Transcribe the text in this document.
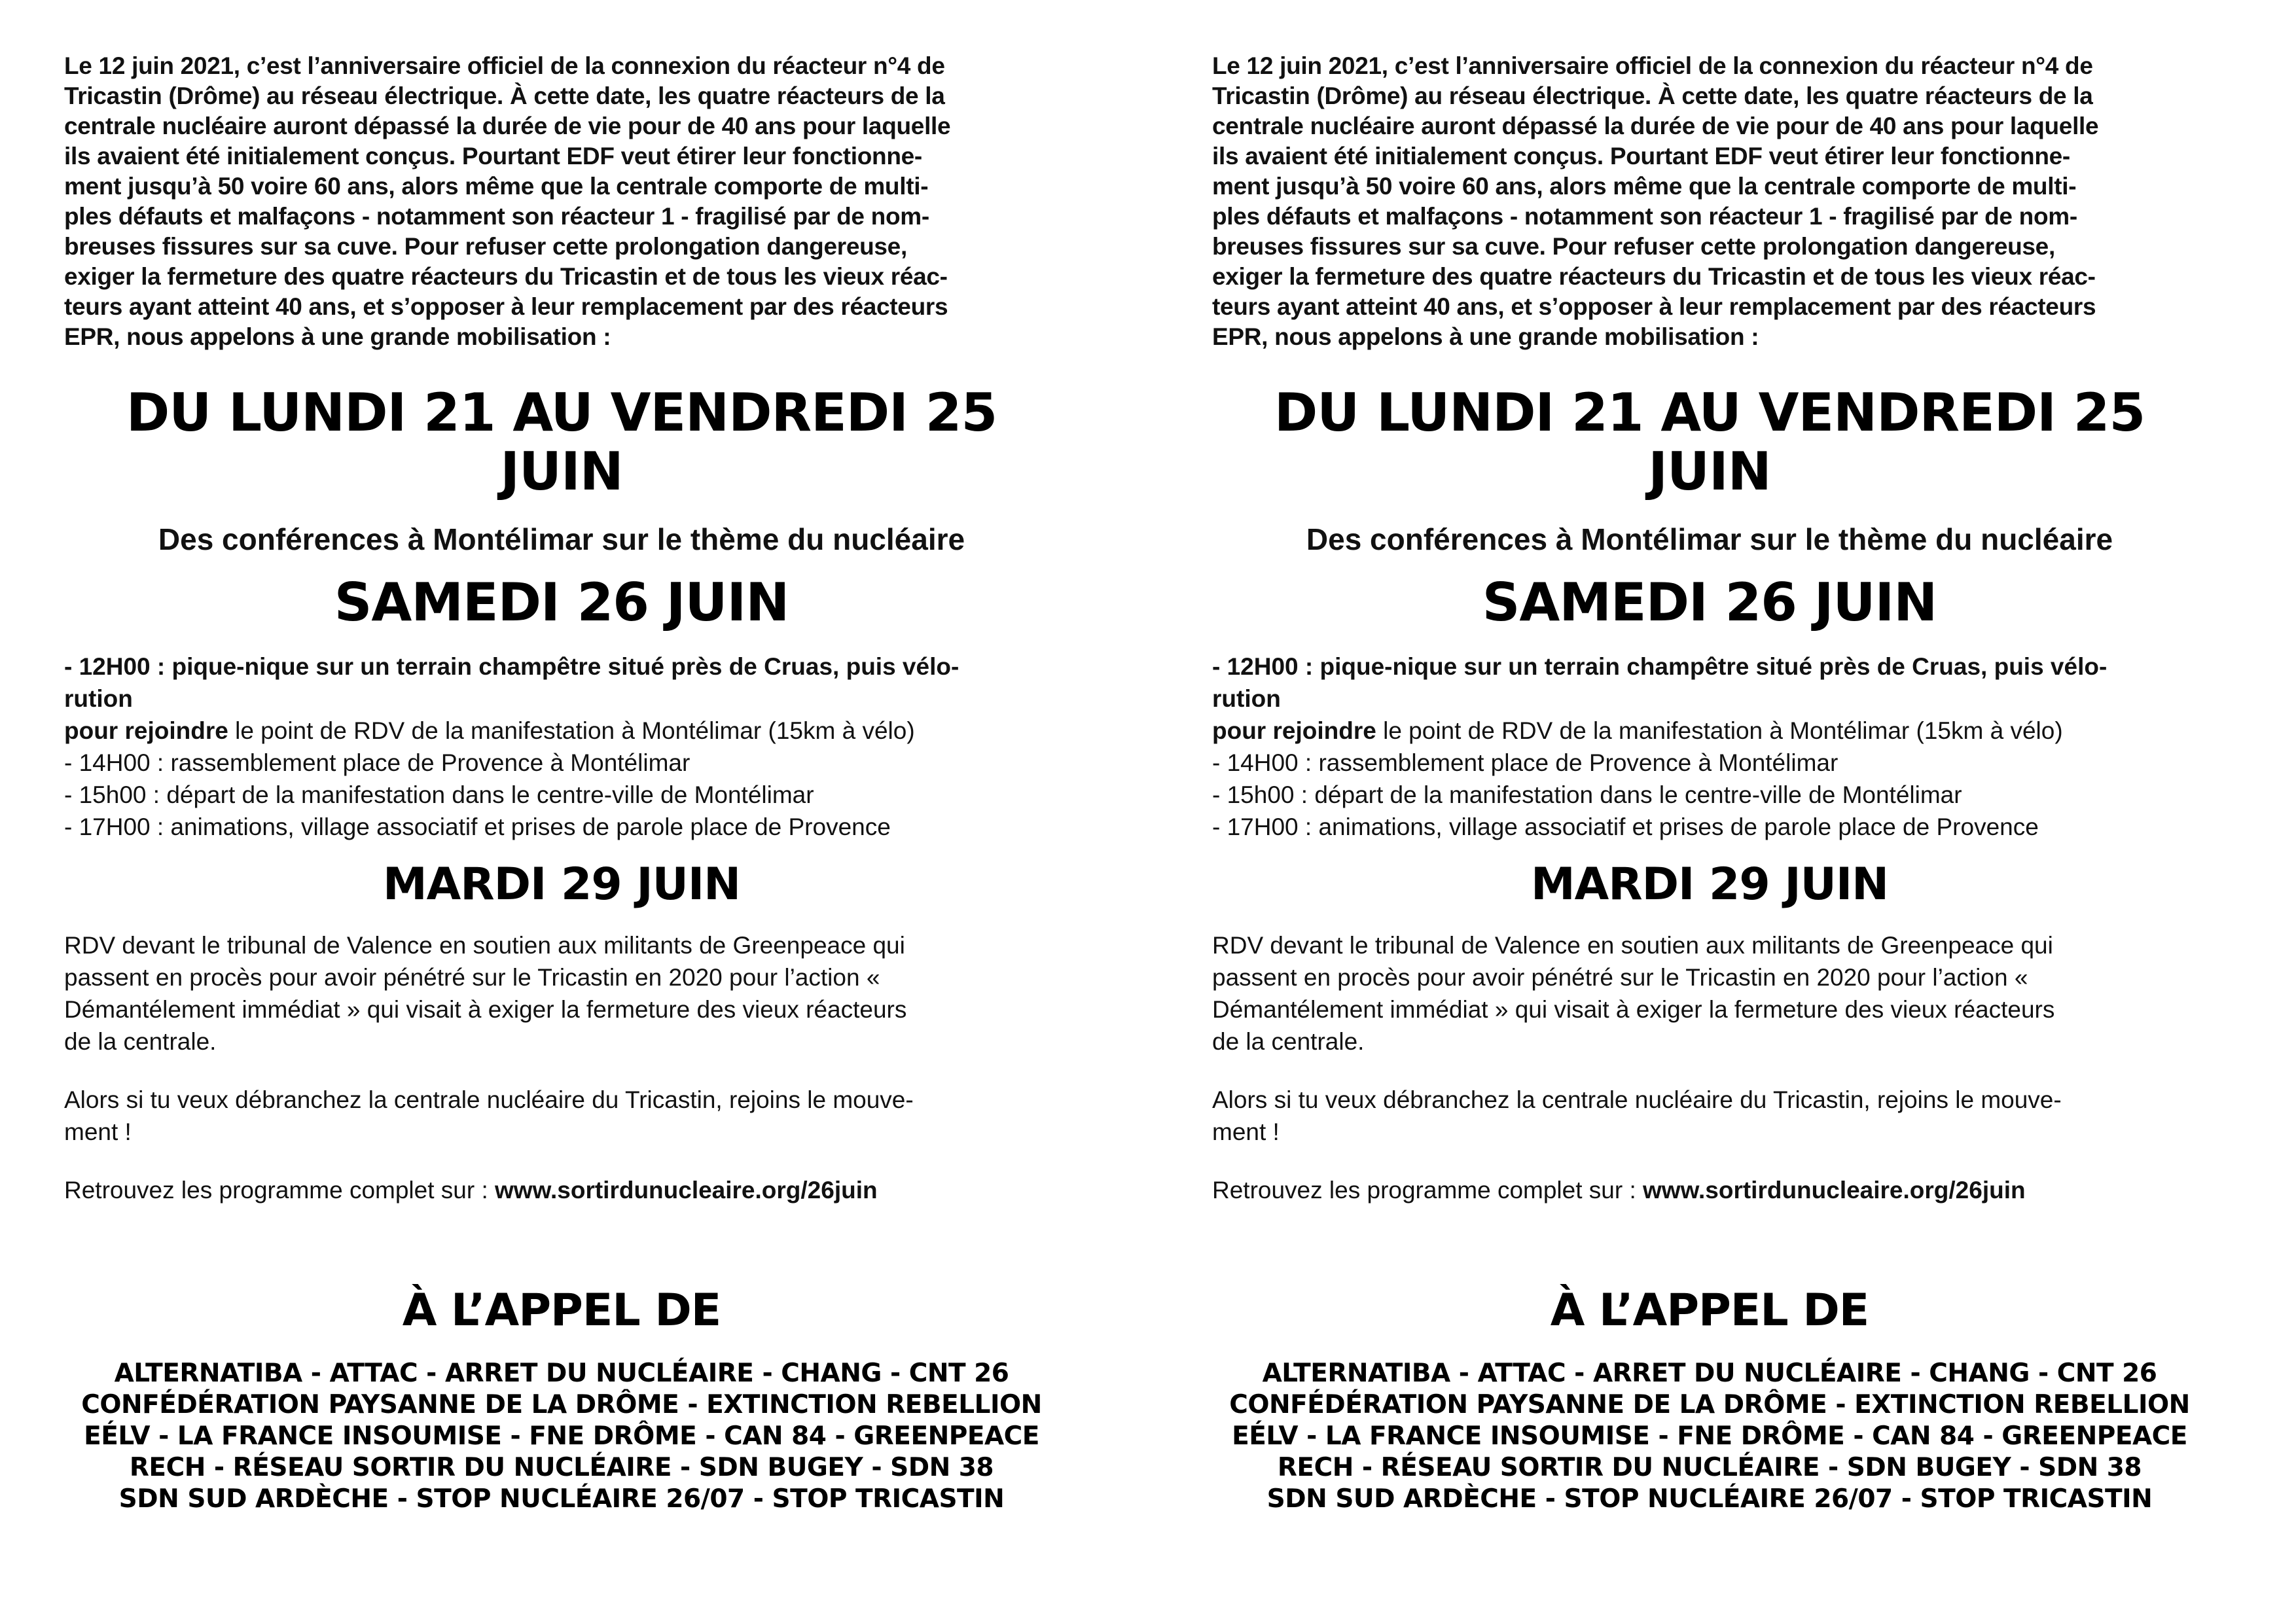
Le 12 juin 2021, c’est l’anniversaire officiel de la connexion du réacteur n°4 de
Tricastin (Drôme) au réseau électrique. À cette date, les quatre réacteurs de la
centrale nucléaire auront dépassé la durée de vie pour de 40 ans pour laquelle
ils avaient été initialement conçus. Pourtant EDF veut étirer leur fonctionne-
ment jusqu’à 50 voire 60 ans, alors même que la centrale comporte de multi-
ples défauts et malfaçons - notamment son réacteur 1 - fragilisé par de nom-
breuses fissures sur sa cuve. Pour refuser cette prolongation dangereuse,
exiger la fermeture des quatre réacteurs du Tricastin et de tous les vieux réac-
teurs ayant atteint 40 ans, et s’opposer à leur remplacement par des réacteurs
EPR, nous appelons à une grande mobilisation :

DU LUNDI 21 AU VENDREDI 25 JUIN

Des conférences à Montélimar sur le thème du nucléaire

SAMEDI 26 JUIN

- 12H00 : pique-nique sur un terrain champêtre situé près de Cruas, puis vélo-
rution
pour rejoindre le point de RDV de la manifestation à Montélimar (15km à vélo)
- 14H00 : rassemblement place de Provence à Montélimar
- 15h00 : départ de la manifestation dans le centre-ville de Montélimar
- 17H00 : animations, village associatif et prises de parole place de Provence

MARDI 29 JUIN

RDV devant le tribunal de Valence en soutien aux militants de Greenpeace qui
passent en procès pour avoir pénétré sur le Tricastin en 2020 pour l’action «
Démantélement immédiat » qui visait à exiger la fermeture des vieux réacteurs
de la centrale.

Alors si tu veux débranchez la centrale nucléaire du Tricastin, rejoins le mouve-
ment !

Retrouvez les programme complet sur : www.sortirdunucleaire.org/26juin

À L’APPEL DE

ALTERNATIBA - ATTAC - ARRET DU NUCLÉAIRE - CHANG - CNT 26
CONFÉDÉRATION PAYSANNE DE LA DRÔME - EXTINCTION REBELLION
EÉLV - LA FRANCE INSOUMISE - FNE DRÔME - CAN 84 - GREENPEACE
RECH - RÉSEAU SORTIR DU NUCLÉAIRE - SDN BUGEY - SDN 38
SDN SUD ARDÈCHE - STOP NUCLÉAIRE 26/07 - STOP TRICASTIN

Le 12 juin 2021, c’est l’anniversaire officiel de la connexion du réacteur n°4 de
Tricastin (Drôme) au réseau électrique. À cette date, les quatre réacteurs de la
centrale nucléaire auront dépassé la durée de vie pour de 40 ans pour laquelle
ils avaient été initialement conçus. Pourtant EDF veut étirer leur fonctionne-
ment jusqu’à 50 voire 60 ans, alors même que la centrale comporte de multi-
ples défauts et malfaçons - notamment son réacteur 1 - fragilisé par de nom-
breuses fissures sur sa cuve. Pour refuser cette prolongation dangereuse,
exiger la fermeture des quatre réacteurs du Tricastin et de tous les vieux réac-
teurs ayant atteint 40 ans, et s’opposer à leur remplacement par des réacteurs
EPR, nous appelons à une grande mobilisation :

DU LUNDI 21 AU VENDREDI 25 JUIN

Des conférences à Montélimar sur le thème du nucléaire

SAMEDI 26 JUIN

- 12H00 : pique-nique sur un terrain champêtre situé près de Cruas, puis vélo-
rution
pour rejoindre le point de RDV de la manifestation à Montélimar (15km à vélo)
- 14H00 : rassemblement place de Provence à Montélimar
- 15h00 : départ de la manifestation dans le centre-ville de Montélimar
- 17H00 : animations, village associatif et prises de parole place de Provence

MARDI 29 JUIN

RDV devant le tribunal de Valence en soutien aux militants de Greenpeace qui
passent en procès pour avoir pénétré sur le Tricastin en 2020 pour l’action «
Démantélement immédiat » qui visait à exiger la fermeture des vieux réacteurs
de la centrale.

Alors si tu veux débranchez la centrale nucléaire du Tricastin, rejoins le mouve-
ment !

Retrouvez les programme complet sur : www.sortirdunucleaire.org/26juin

À L’APPEL DE

ALTERNATIBA - ATTAC - ARRET DU NUCLÉAIRE - CHANG - CNT 26
CONFÉDÉRATION PAYSANNE DE LA DRÔME - EXTINCTION REBELLION
EÉLV - LA FRANCE INSOUMISE - FNE DRÔME - CAN 84 - GREENPEACE
RECH - RÉSEAU SORTIR DU NUCLÉAIRE - SDN BUGEY - SDN 38
SDN SUD ARDÈCHE - STOP NUCLÉAIRE 26/07 - STOP TRICASTIN
